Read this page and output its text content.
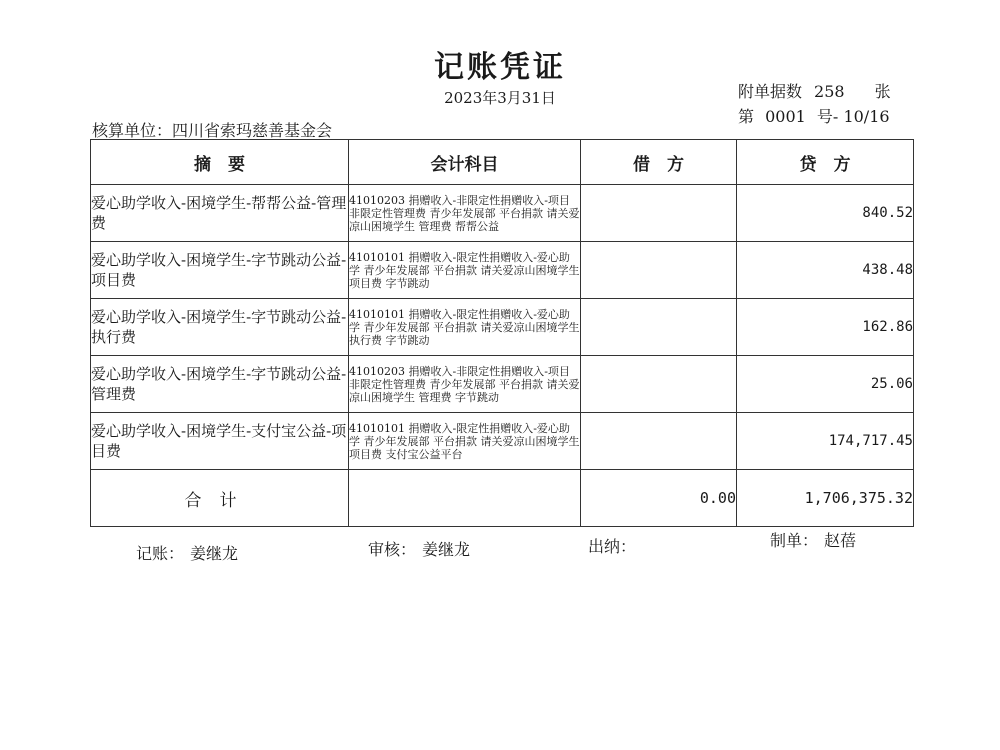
记账凭证
2023年3月31日	附单据数 258 张
第 0001 号- 10/16
核算单位：四川省索玛慈善基金会
摘　要	会计科目	借　方	贷　方
爱心助学收入-困境学生-帮帮公益-管理费	41010203 捐赠收入-非限定性捐赠收入-项目非限定性管理费 青少年发展部 平台捐款 请关爱凉山困境学生 管理费 帮帮公益		840.52
爱心助学收入-困境学生-字节跳动公益-项目费	41010101 捐赠收入-限定性捐赠收入-爱心助学 青少年发展部 平台捐款 请关爱凉山困境学生 项目费 字节跳动		438.48
爱心助学收入-困境学生-字节跳动公益-执行费	41010101 捐赠收入-限定性捐赠收入-爱心助学 青少年发展部 平台捐款 请关爱凉山困境学生 执行费 字节跳动		162.86
爱心助学收入-困境学生-字节跳动公益-管理费	41010203 捐赠收入-非限定性捐赠收入-项目非限定性管理费 青少年发展部 平台捐款 请关爱凉山困境学生 管理费 字节跳动		25.06
爱心助学收入-困境学生-支付宝公益-项目费	41010101 捐赠收入-限定性捐赠收入-爱心助学 青少年发展部 平台捐款 请关爱凉山困境学生 项目费 支付宝公益平台		174,717.45
合计		0.00	1,706,375.32
记账： 姜继龙	审核： 姜继龙	出纳：	制单： 赵蓓
